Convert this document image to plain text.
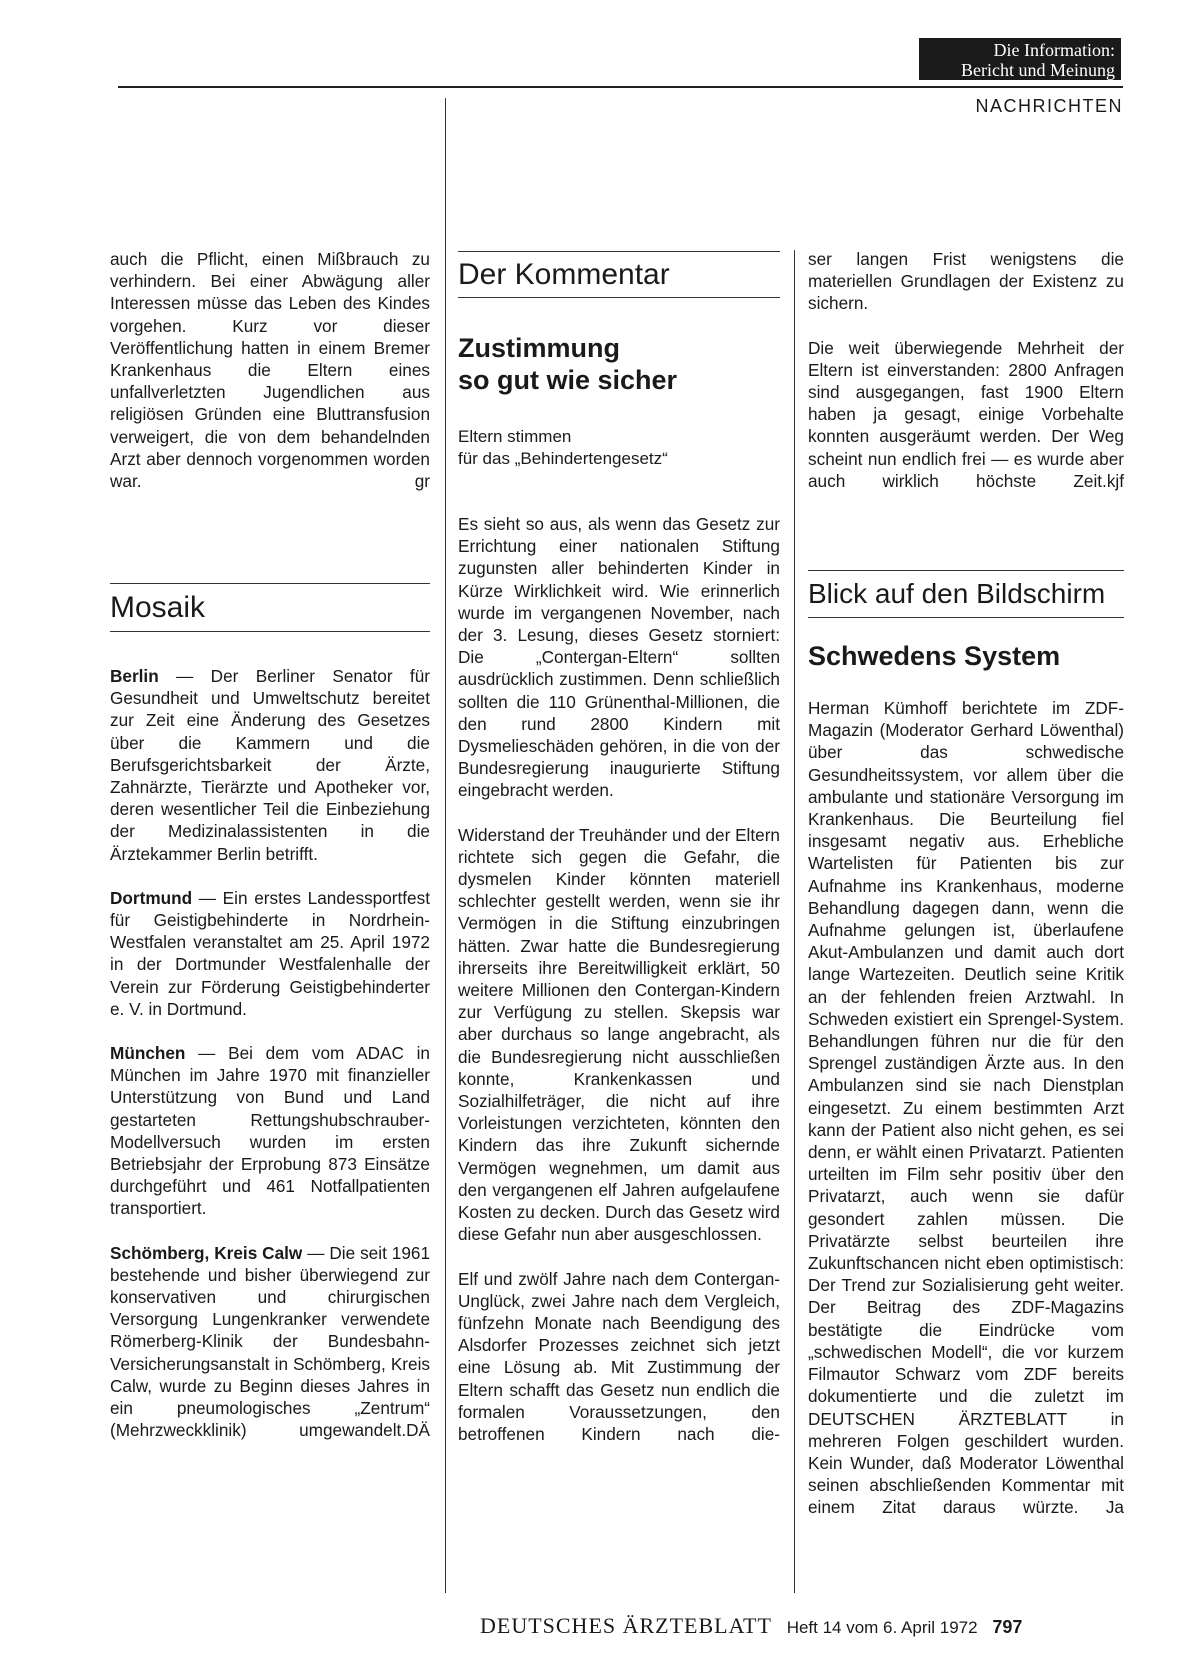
Die Information:
Bericht und Meinung
NACHRICHTEN

auch die Pflicht, einen Mißbrauch zu verhindern. Bei einer Abwägung aller Interessen müsse das Leben des Kindes vorgehen. Kurz vor dieser Veröffentlichung hatten in einem Bremer Krankenhaus die Eltern eines unfallverletzten Jugendlichen aus religiösen Gründen eine Bluttransfusion verweigert, die von dem behandelnden Arzt aber dennoch vorgenommen worden war.	gr

Mosaik

Berlin — Der Berliner Senator für Gesundheit und Umweltschutz bereitet zur Zeit eine Änderung des Gesetzes über die Kammern und die Berufsgerichtsbarkeit der Ärzte, Zahnärzte, Tierärzte und Apotheker vor, deren wesentlicher Teil die Einbeziehung der Medizinalassistenten in die Ärztekammer Berlin betrifft.

Dortmund — Ein erstes Landessportfest für Geistigbehinderte in Nordrhein-Westfalen veranstaltet am 25. April 1972 in der Dortmunder Westfalenhalle der Verein zur Förderung Geistigbehinderter e. V. in Dortmund.

München — Bei dem vom ADAC in München im Jahre 1970 mit finanzieller Unterstützung von Bund und Land gestarteten Rettungshubschrauber-Modellversuch wurden im ersten Betriebsjahr der Erprobung 873 Einsätze durchgeführt und 461 Notfallpatienten transportiert.

Schömberg, Kreis Calw — Die seit 1961 bestehende und bisher überwiegend zur konservativen und chirurgischen Versorgung Lungenkranker verwendete Römerberg-Klinik der Bundesbahn-Versicherungsanstalt in Schömberg, Kreis Calw, wurde zu Beginn dieses Jahres in ein pneumologisches „Zentrum“ (Mehrzweckklinik) umgewandelt. DÄ

Der Kommentar
Zustimmung
so gut wie sicher
Eltern stimmen
für das „Behindertengesetz“

Es sieht so aus, als wenn das Gesetz zur Errichtung einer nationalen Stiftung zugunsten aller behinderten Kinder in Kürze Wirklichkeit wird. Wie erinnerlich wurde im vergangenen November, nach der 3. Lesung, dieses Gesetz storniert: Die „Contergan-Eltern“ sollten ausdrücklich zustimmen. Denn schließlich sollten die 110 Grünenthal-Millionen, die den rund 2800 Kindern mit Dysmelieschäden gehören, in die von der Bundesregierung inaugurierte Stiftung eingebracht werden.

Widerstand der Treuhänder und der Eltern richtete sich gegen die Gefahr, die dysmelen Kinder könnten materiell schlechter gestellt werden, wenn sie ihr Vermögen in die Stiftung einzubringen hätten. Zwar hatte die Bundesregierung ihrerseits ihre Bereitwilligkeit erklärt, 50 weitere Millionen den Contergan-Kindern zur Verfügung zu stellen. Skepsis war aber durchaus so lange angebracht, als die Bundesregierung nicht ausschließen konnte, Krankenkassen und Sozialhilfeträger, die nicht auf ihre Vorleistungen verzichteten, könnten den Kindern das ihre Zukunft sichernde Vermögen wegnehmen, um damit aus den vergangenen elf Jahren aufgelaufene Kosten zu decken. Durch das Gesetz wird diese Gefahr nun aber ausgeschlossen.

Elf und zwölf Jahre nach dem Contergan-Unglück, zwei Jahre nach dem Vergleich, fünfzehn Monate nach Beendigung des Alsdorfer Prozesses zeichnet sich jetzt eine Lösung ab. Mit Zustimmung der Eltern schafft das Gesetz nun endlich die formalen Voraussetzungen, den betroffenen Kindern nach die-

ser langen Frist wenigstens die materiellen Grundlagen der Existenz zu sichern.

Die weit überwiegende Mehrheit der Eltern ist einverstanden: 2800 Anfragen sind ausgegangen, fast 1900 Eltern haben ja gesagt, einige Vorbehalte konnten ausgeräumt werden. Der Weg scheint nun endlich frei — es wurde aber auch wirklich höchste Zeit. kjf

Blick auf den Bildschirm
Schwedens System

Herman Kümhoff berichtete im ZDF-Magazin (Moderator Gerhard Löwenthal) über das schwedische Gesundheitssystem, vor allem über die ambulante und stationäre Versorgung im Krankenhaus. Die Beurteilung fiel insgesamt negativ aus. Erhebliche Wartelisten für Patienten bis zur Aufnahme ins Krankenhaus, moderne Behandlung dagegen dann, wenn die Aufnahme gelungen ist, überlaufene Akut-Ambulanzen und damit auch dort lange Wartezeiten. Deutlich seine Kritik an der fehlenden freien Arztwahl. In Schweden existiert ein Sprengel-System. Behandlungen führen nur die für den Sprengel zuständigen Ärzte aus. In den Ambulanzen sind sie nach Dienstplan eingesetzt. Zu einem bestimmten Arzt kann der Patient also nicht gehen, es sei denn, er wählt einen Privatarzt. Patienten urteilten im Film sehr positiv über den Privatarzt, auch wenn sie dafür gesondert zahlen müssen. Die Privatärzte selbst beurteilen ihre Zukunftschancen nicht eben optimistisch: Der Trend zur Sozialisierung geht weiter. Der Beitrag des ZDF-Magazins bestätigte die Eindrücke vom „schwedischen Modell“, die vor kurzem Filmautor Schwarz vom ZDF bereits dokumentierte und die zuletzt im DEUTSCHEN ÄRZTEBLATT in mehreren Folgen geschildert wurden. Kein Wunder, daß Moderator Löwenthal seinen abschließenden Kommentar mit einem Zitat daraus würzte. Ja

DEUTSCHES ÄRZTEBLATT Heft 14 vom 6. April 1972 797
